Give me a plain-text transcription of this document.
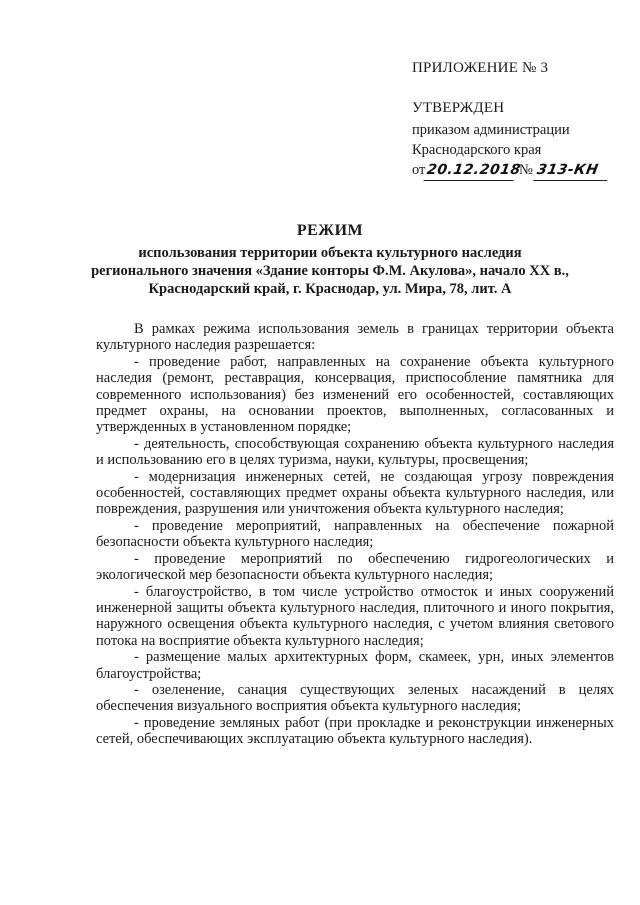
ПРИЛОЖЕНИЕ № 3
УТВЕРЖДЕН
приказом администрации
Краснодарского края
от20.12.2018 № 313-КН
РЕЖИМ
использования территории объекта культурного наследия
регионального значения «Здание конторы Ф.М. Акулова», начало XX в.,
Краснодарский край, г. Краснодар, ул. Мира, 78, лит. А

В рамках режима использования земель в границах территории объекта культурного наследия разрешается:

- проведение работ, направленных на сохранение объекта культурного наследия (ремонт, реставрация, консервация, приспособление памятника для современного использования) без изменений его особенностей, составляющих предмет охраны, на основании проектов, выполненных, согласованных и утвержденных в установленном порядке;

- деятельность, способствующая сохранению объекта культурного наследия и использованию его в целях туризма, науки, культуры, просвещения;

- модернизация инженерных сетей, не создающая угрозу повреждения особенностей, составляющих предмет охраны объекта культурного наследия, или повреждения, разрушения или уничтожения объекта культурного наследия;

- проведение мероприятий, направленных на обеспечение пожарной безопасности объекта культурного наследия;

- проведение мероприятий по обеспечению гидрогеологических и экологической мер безопасности объекта культурного наследия;

- благоустройство, в том числе устройство отмосток и иных сооружений инженерной защиты объекта культурного наследия, плиточного и иного покрытия, наружного освещения объекта культурного наследия, с учетом влияния светового потока на восприятие объекта культурного наследия;

- размещение малых архитектурных форм, скамеек, урн, иных элементов благоустройства;

- озеленение, санация существующих зеленых насаждений в целях обеспечения визуального восприятия объекта культурного наследия;

- проведение земляных работ (при прокладке и реконструкции инженерных сетей, обеспечивающих эксплуатацию объекта культурного наследия).
